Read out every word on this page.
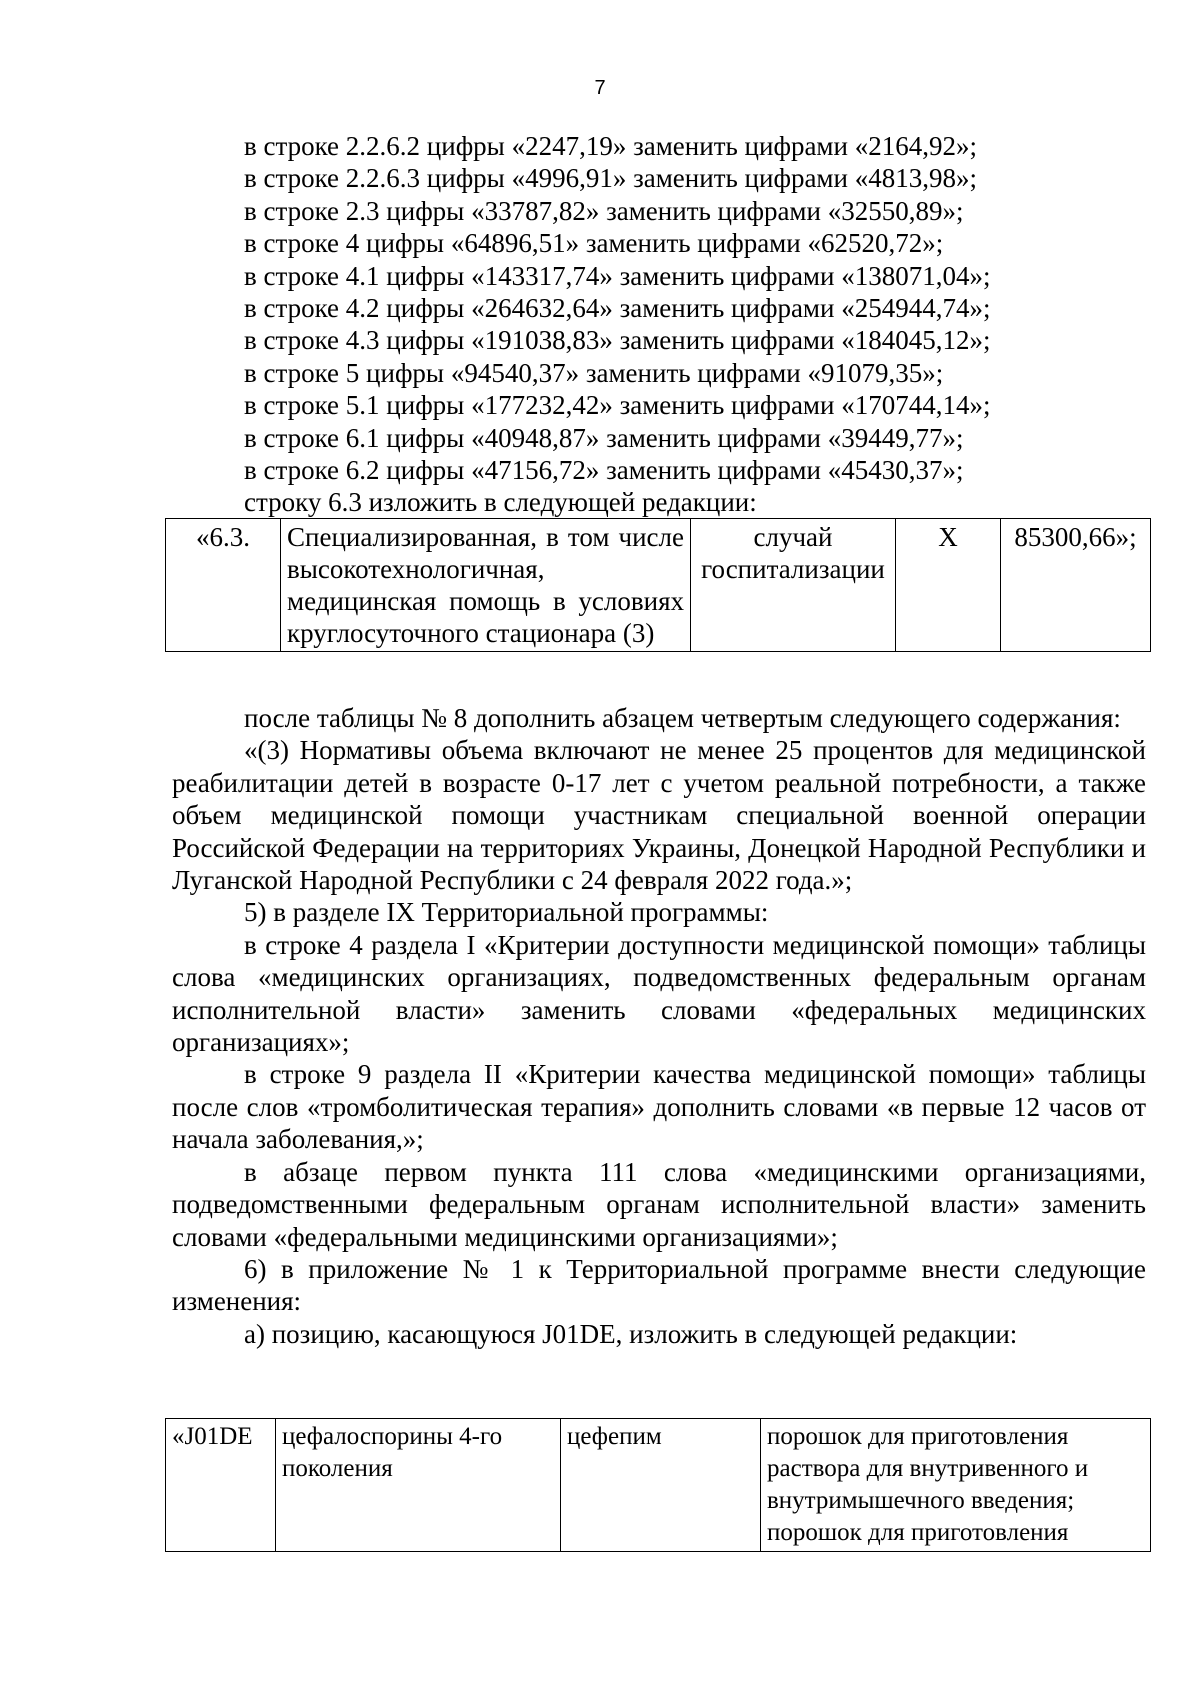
7
в строке 2.2.6.2 цифры «2247,19» заменить цифрами «2164,92»;
в строке 2.2.6.3 цифры «4996,91» заменить цифрами «4813,98»;
в строке 2.3 цифры «33787,82» заменить цифрами «32550,89»;
в строке 4 цифры «64896,51» заменить цифрами «62520,72»;
в строке 4.1 цифры «143317,74» заменить цифрами «138071,04»;
в строке 4.2 цифры «264632,64» заменить цифрами «254944,74»;
в строке 4.3 цифры «191038,83» заменить цифрами «184045,12»;
в строке 5 цифры «94540,37» заменить цифрами «91079,35»;
в строке 5.1 цифры «177232,42» заменить цифрами «170744,14»;
в строке 6.1 цифры «40948,87» заменить цифрами «39449,77»;
в строке 6.2 цифры «47156,72» заменить цифрами «45430,37»;
строку 6.3 изложить в следующей редакции:
«6.3.	Специализированная, в том числе высокотехнологичная, медицинская помощь в условиях круглосуточного стационара (3)	случай госпитализации	X	85300,66»;

после таблицы № 8 дополнить абзацем четвертым следующего содержания:

«(3) Нормативы объема включают не менее 25 процентов для медицинской реабилитации детей в возрасте 0-17 лет с учетом реальной потребности, а также объем медицинской помощи участникам специальной военной операции Российской Федерации на территориях Украины, Донецкой Народной Республики и Луганской Народной Республики с 24 февраля 2022 года.»;

5) в разделе IX Территориальной программы:

в строке 4 раздела I «Критерии доступности медицинской помощи» таблицы слова «медицинских организациях, подведомственных федеральным органам исполнительной власти» заменить словами «федеральных медицинских организациях»;

в строке 9 раздела II «Критерии качества медицинской помощи» таблицы после слов «тромболитическая терапия» дополнить словами «в первые 12 часов от начала заболевания,»;

в абзаце первом пункта 111 слова «медицинскими организациями, подведомственными федеральным органам исполнительной власти» заменить словами «федеральными медицинскими организациями»;

6) в приложение № 1 к Территориальной программе внести следующие изменения:

а) позицию, касающуюся J01DE, изложить в следующей редакции:

«J01DE	цефалоспорины 4-го поколения	цефепим	порошок для приготовления
раствора для внутривенного и
внутримышечного введения;
порошок для приготовления
